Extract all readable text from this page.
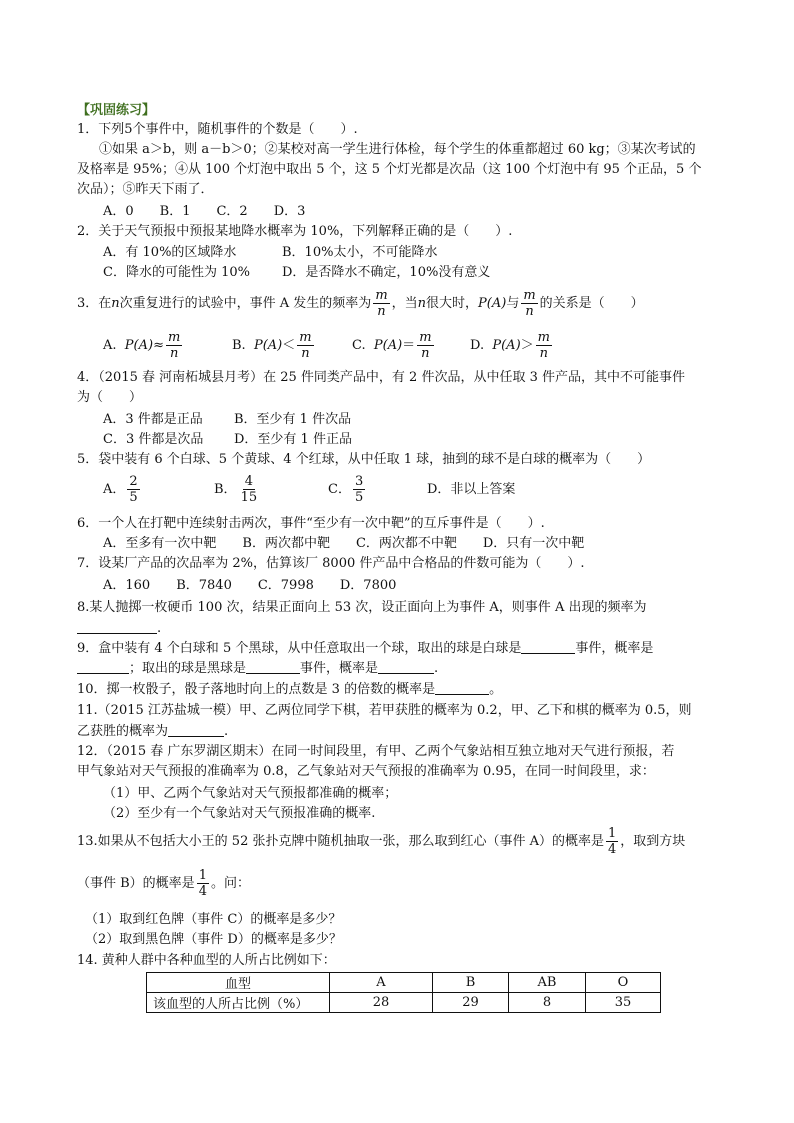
【巩固练习】
1．下列5个事件中，随机事件的个数是（　　）.
①如果 a＞b，则 a－b＞0；②某校对高一学生进行体检，每个学生的体重都超过 60 kg；③某次考试的
及格率是 95%；④从 100 个灯泡中取出 5 个，这 5 个灯光都是次品（这 100 个灯泡中有 95 个正品，5 个
次品）；⑤昨天下雨了．
A．0　　B．1　　C．2　　D．3
2．关于天气预报中预报某地降水概率为 10%，下列解释正确的是（　　）.
A．有 10%的区域降水	B．10%太小，不可能降水
C．降水的可能性为 10% D．是否降水不确定，10%没有意义
3．在n次重复进行的试验中，事件 A 发生的频率为 $\frac{m}{n}$ ，当n很大时，P(A)与 $\frac{m}{n}$ 的关系是（　　）
A. $P(A)\approx \frac{m}{n}$	B. $P(A)< \frac{m}{n}$	C. $P(A)= \frac{m}{n}$	D. $P(A)> \frac{m}{n}$
4．（2015 春 河南柘城县月考）在 25 件同类产品中，有 2 件次品，从中任取 3 件产品，其中不可能事件
为（　　）
A．3 件都是正品 B．至少有 1 件次品
C．3 件都是次品 D．至少有 1 件正品
5．袋中装有 6 个白球、5 个黄球、4 个红球，从中任取 1 球，抽到的球不是白球的概率为（　　）
A． $\frac{2}{5}$	B． $\frac{4}{15}$	C． $\frac{3}{5}$	D．非以上答案
6．一个人在打靶中连续射击两次，事件“至少有一次中靶”的互斥事件是（　　）.
A．至多有一次中靶　　B．两次都中靶　　C．两次都不中靶　　D．只有一次中靶
7．设某厂产品的次品率为 2%，估算该厂 8000 件产品中合格品的件数可能为（　　）.
A．160　　B．7840　　C．7998　　D．7800
8.某人抛掷一枚硬币 100 次，结果正面向上 53 次，设正面向上为事件 A，则事件 A 出现的频率为
.
9．盒中装有 4 个白球和 5 个黑球，从中任意取出一个球，取出的球是白球是	事件，概率是
；取出的球是黑球是	事件，概率是	.
10．掷一枚骰子，骰子落地时向上的点数是 3 的倍数的概率是	。
11.（2015 江苏盐城一模）甲、乙两位同学下棋，若甲获胜的概率为 0.2，甲、乙下和棋的概率为 0.5，则
乙获胜的概率为	.
12．（2015 春 广东罗湖区期末）在同一时间段里，有甲、乙两个气象站相互独立地对天气进行预报，若
甲气象站对天气预报的准确率为 0.8，乙气象站对天气预报的准确率为 0.95，在同一时间段里，求：
（1）甲、乙两个气象站对天气预报都准确的概率；
（2）至少有一个气象站对天气预报准确的概率.
13.如果从不包括大小王的 52 张扑克牌中随机抽取一张，那么取到红心（事件 A）的概率是 $\frac{1}{4}$ ，取到方块
（事件 B）的概率是 $\frac{1}{4}$ 。问：
（1）取到红色牌（事件 C）的概率是多少？
（2）取到黑色牌（事件 D）的概率是多少？
14. 黄种人群中各种血型的人所占比例如下：
血型	A	B	AB	O
该血型的人所占比例（%）	28	29	8	35
